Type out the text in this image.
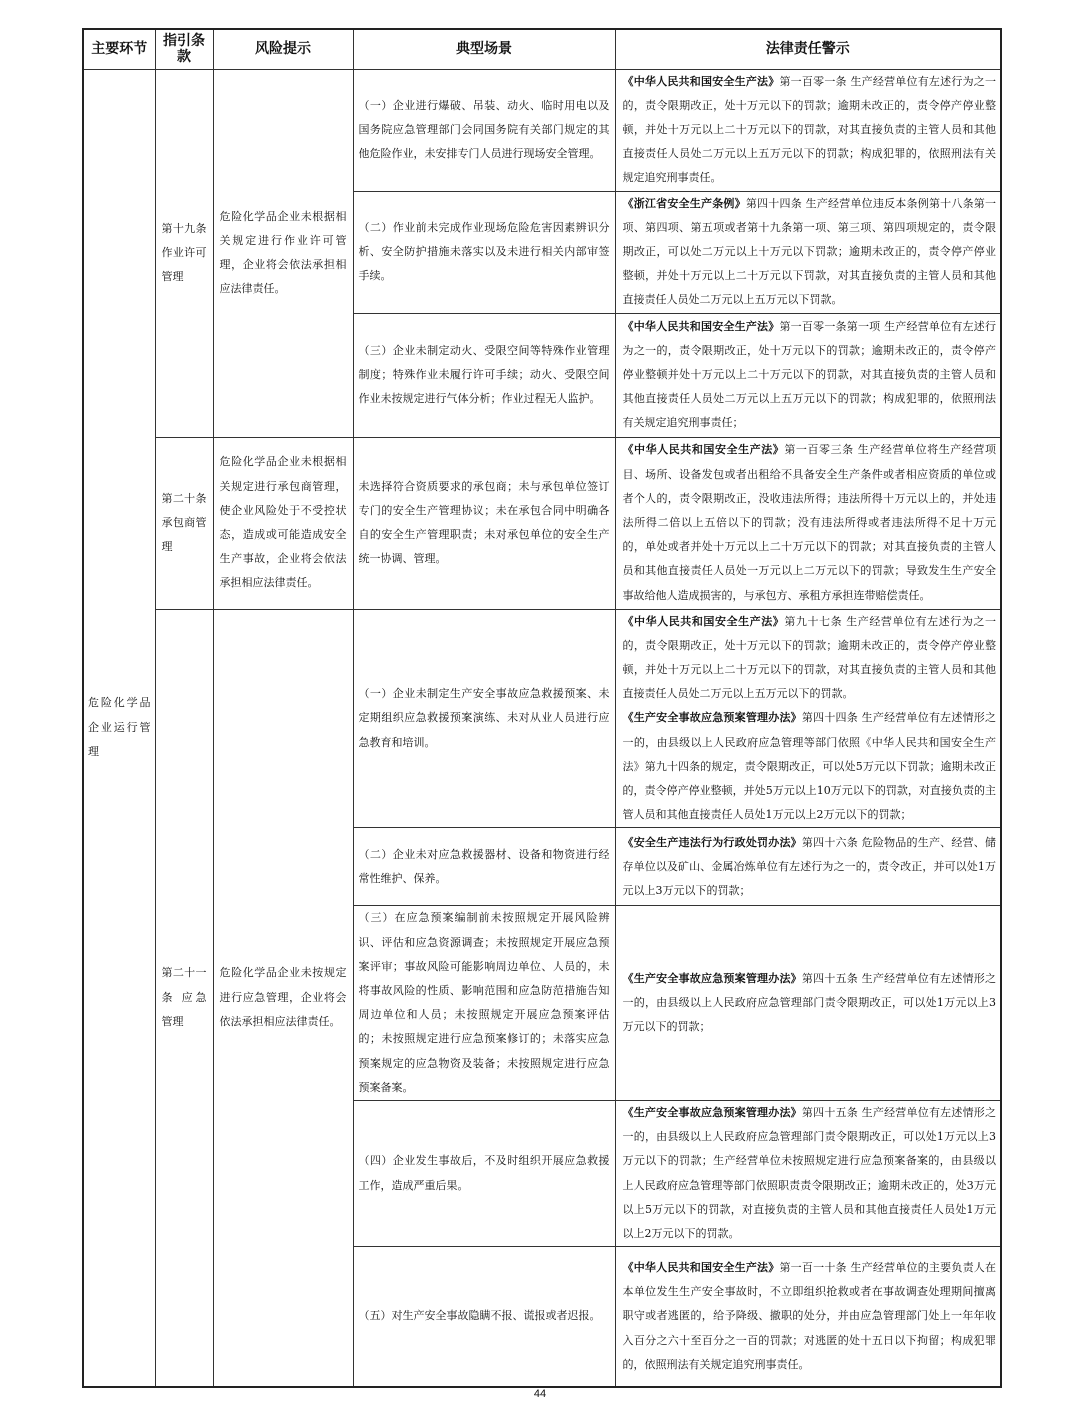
主要环节	指引条款	风险提示	典型场景	法律责任警示
危险化学品企业运行管理	第十九条作业许可管理	危险化学品企业未根据相关规定进行作业许可管理，企业将会依法承担相应法律责任。	（一）企业进行爆破、吊装、动火、临时用电以及国务院应急管理部门会同国务院有关部门规定的其他危险作业，未安排专门人员进行现场安全管理。	《中华人民共和国安全生产法》第一百零一条 生产经营单位有左述行为之一的，责令限期改正，处十万元以下的罚款；逾期未改正的，责令停产停业整顿，并处十万元以上二十万元以下的罚款，对其直接负责的主管人员和其他直接责任人员处二万元以上五万元以下的罚款；构成犯罪的，依照刑法有关规定追究刑事责任。
			（二）作业前未完成作业现场危险危害因素辨识分析、安全防护措施未落实以及未进行相关内部审签手续。	《浙江省安全生产条例》第四十四条 生产经营单位违反本条例第十八条第一项、第四项、第五项或者第十九条第一项、第三项、第四项规定的，责令限期改正，可以处二万元以上十万元以下罚款；逾期未改正的，责令停产停业整顿，并处十万元以上二十万元以下罚款，对其直接负责的主管人员和其他直接责任人员处二万元以上五万元以下罚款。
			（三）企业未制定动火、受限空间等特殊作业管理制度；特殊作业未履行许可手续；动火、受限空间作业未按规定进行气体分析；作业过程无人监护。	《中华人民共和国安全生产法》第一百零一条第一项 生产经营单位有左述行为之一的，责令限期改正，处十万元以下的罚款；逾期未改正的，责令停产停业整顿并处十万元以上二十万元以下的罚款，对其直接负责的主管人员和其他直接责任人员处二万元以上五万元以下的罚款；构成犯罪的，依照刑法有关规定追究刑事责任；
	第二十条承包商管理	危险化学品企业未根据相关规定进行承包商管理，使企业风险处于不受控状态，造成或可能造成安全生产事故，企业将会依法承担相应法律责任。	未选择符合资质要求的承包商；未与承包单位签订专门的安全生产管理协议；未在承包合同中明确各自的安全生产管理职责；未对承包单位的安全生产统一协调、管理。	《中华人民共和国安全生产法》第一百零三条 生产经营单位将生产经营项目、场所、设备发包或者出租给不具备安全生产条件或者相应资质的单位或者个人的，责令限期改正，没收违法所得；违法所得十万元以上的，并处违法所得二倍以上五倍以下的罚款；没有违法所得或者违法所得不足十万元的，单处或者并处十万元以上二十万元以下的罚款；对其直接负责的主管人员和其他直接责任人员处一万元以上二万元以下的罚款；导致发生生产安全事故给他人造成损害的，与承包方、承租方承担连带赔偿责任。
	第二十一条 应急管理	危险化学品企业未按规定进行应急管理，企业将会依法承担相应法律责任。	（一）企业未制定生产安全事故应急救援预案、未定期组织应急救援预案演练、未对从业人员进行应急教育和培训。	《中华人民共和国安全生产法》第九十七条 生产经营单位有左述行为之一的，责令限期改正，处十万元以下的罚款；逾期未改正的，责令停产停业整顿，并处十万元以上二十万元以下的罚款，对其直接负责的主管人员和其他直接责任人员处二万元以上五万元以下的罚款。
《生产安全事故应急预案管理办法》第四十四条 生产经营单位有左述情形之一的，由县级以上人民政府应急管理等部门依照《中华人民共和国安全生产法》第九十四条的规定，责令限期改正，可以处5万元以下罚款；逾期未改正的，责令停产停业整顿，并处5万元以上10万元以下的罚款，对直接负责的主管人员和其他直接责任人员处1万元以上2万元以下的罚款；
			（二）企业未对应急救援器材、设备和物资进行经常性维护、保养。	《安全生产违法行为行政处罚办法》第四十六条 危险物品的生产、经营、储存单位以及矿山、金属冶炼单位有左述行为之一的，责令改正，并可以处1万元以上3万元以下的罚款；
			（三）在应急预案编制前未按照规定开展风险辨识、评估和应急资源调查；未按照规定开展应急预案评审；事故风险可能影响周边单位、人员的，未将事故风险的性质、影响范围和应急防范措施告知周边单位和人员；未按照规定开展应急预案评估的；未按照规定进行应急预案修订的；未落实应急预案规定的应急物资及装备；未按照规定进行应急预案备案。	《生产安全事故应急预案管理办法》第四十五条 生产经营单位有左述情形之一的，由县级以上人民政府应急管理部门责令限期改正，可以处1万元以上3万元以下的罚款；
			（四）企业发生事故后，不及时组织开展应急救援工作，造成严重后果。	《生产安全事故应急预案管理办法》第四十五条 生产经营单位有左述情形之一的，由县级以上人民政府应急管理部门责令限期改正，可以处1万元以上3万元以下的罚款；生产经营单位未按照规定进行应急预案备案的，由县级以上人民政府应急管理等部门依照职责责令限期改正；逾期未改正的，处3万元以上5万元以下的罚款，对直接负责的主管人员和其他直接责任人员处1万元以上2万元以下的罚款。
			（五）对生产安全事故隐瞒不报、谎报或者迟报。	《中华人民共和国安全生产法》第一百一十条 生产经营单位的主要负责人在本单位发生生产安全事故时，不立即组织抢救或者在事故调查处理期间擅离职守或者逃匿的，给予降级、撤职的处分，并由应急管理部门处上一年年收入百分之六十至百分之一百的罚款；对逃匿的处十五日以下拘留；构成犯罪的，依照刑法有关规定追究刑事责任。
44
